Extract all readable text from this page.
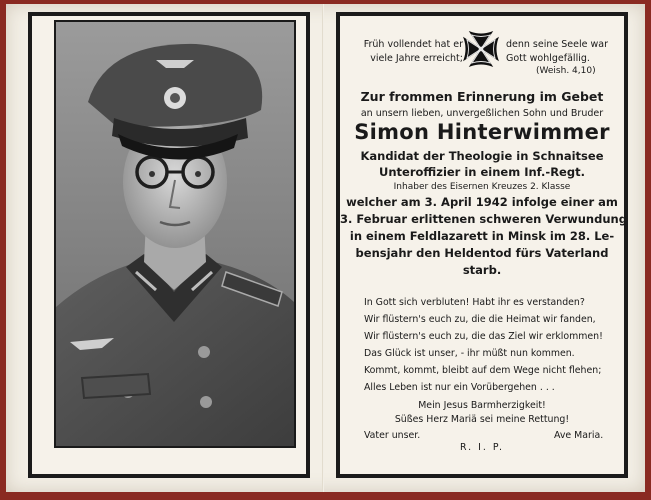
Früh vollendet hat er
viele Jahre erreicht;
denn seine Seele war
Gott wohlgefällig.
(Weish. 4,10)
Zur frommen Erinnerung im Gebet
an unsern lieben, unvergeßlichen Sohn und Bruder
Simon Hinterwimmer
Kandidat der Theologie in Schnaitsee
Unteroffizier in einem Inf.-Regt.
Inhaber des Eisernen Kreuzes 2. Klasse
welcher am 3. April 1942 infolge einer am
3. Februar erlittenen schweren Verwundung
in einem Feldlazarett in Minsk im 28. Le-
bensjahr den Heldentod fürs Vaterland
starb.
In Gott sich verbluten! Habt ihr es verstanden?
Wir flüstern's euch zu, die die Heimat wir fanden,
Wir flüstern's euch zu, die das Ziel wir erklommen!
Das Glück ist unser, - ihr müßt nun kommen.
Kommt, kommt, bleibt auf dem Wege nicht flehen;
Alles Leben ist nur ein Vorübergehen . . .
Mein Jesus Barmherzigkeit!
Süßes Herz Mariä sei meine Rettung!
Vater unser.	Ave Maria.
R. I. P.
